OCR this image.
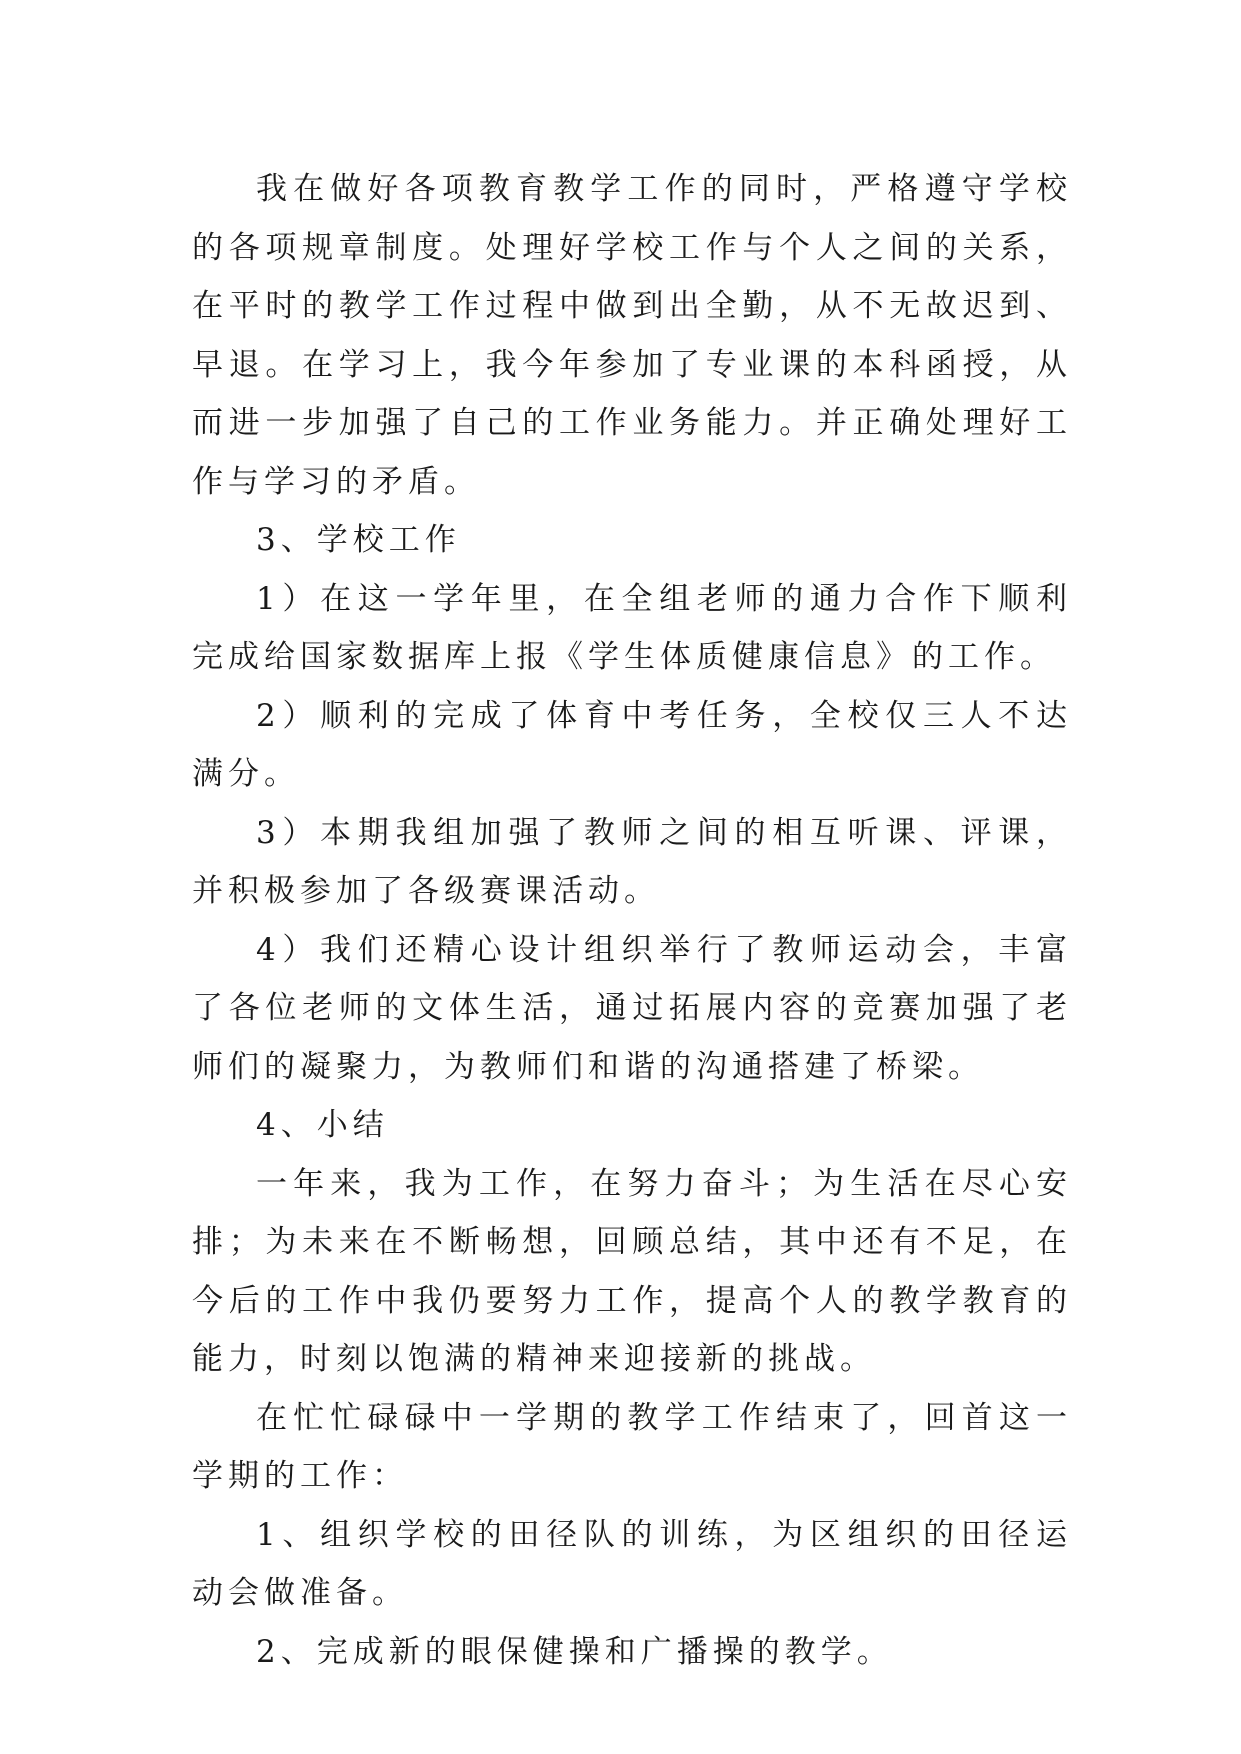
我在做好各项教育教学工作的同时，严格遵守学校的各项规章制度。处理好学校工作与个人之间的关系，在平时的教学工作过程中做到出全勤，从不无故迟到、早退。在学习上，我今年参加了专业课的本科函授，从而进一步加强了自己的工作业务能力。并正确处理好工作与学习的矛盾。

3、学校工作

1）在这一学年里，在全组老师的通力合作下顺利完成给国家数据库上报《学生体质健康信息》的工作。

2）顺利的完成了体育中考任务，全校仅三人不达满分。

3）本期我组加强了教师之间的相互听课、评课，并积极参加了各级赛课活动。

4）我们还精心设计组织举行了教师运动会，丰富了各位老师的文体生活，通过拓展内容的竞赛加强了老师们的凝聚力，为教师们和谐的沟通搭建了桥梁。

4、小结

一年来，我为工作，在努力奋斗；为生活在尽心安排；为未来在不断畅想，回顾总结，其中还有不足，在今后的工作中我仍要努力工作，提高个人的教学教育的能力，时刻以饱满的精神来迎接新的挑战。

在忙忙碌碌中一学期的教学工作结束了，回首这一学期的工作：

1、组织学校的田径队的训练，为区组织的田径运动会做准备。

2、完成新的眼保健操和广播操的教学。
